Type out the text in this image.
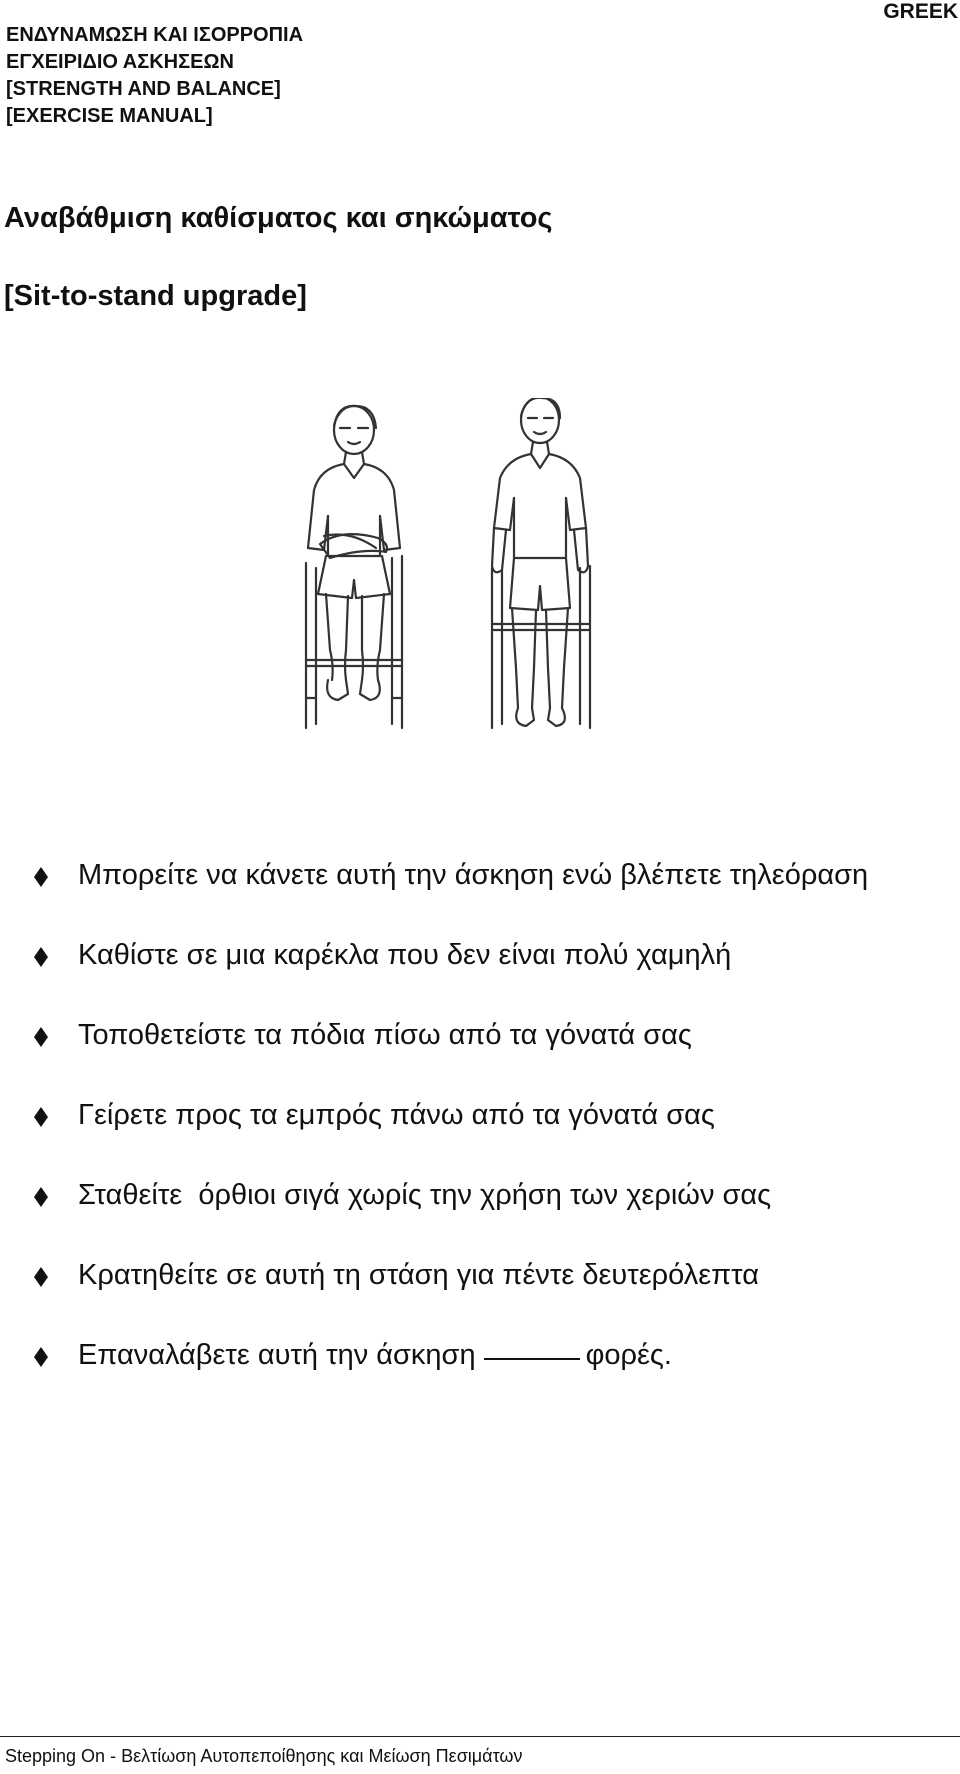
ΕΝΔΥΝΑΜΩΣΗ ΚΑΙ ΙΣΟΡΡΟΠΙΑ
ΕΓΧΕΙΡΙΔΙΟ ΑΣΚΗΣΕΩΝ
[STRENGTH AND BALANCE]
[EXERCISE MANUAL]
GREEK
Αναβάθμιση καθίσματος και σηκώματος
[Sit-to-stand upgrade]
Μπορείτε να κάνετε αυτή την άσκηση ενώ βλέπετε τηλεόραση
Καθίστε σε μια καρέκλα που δεν είναι πολύ χαμηλή
Τοποθετείστε τα πόδια πίσω από τα γόνατά σας
Γείρετε προς τα εμπρός πάνω από τα γόνατά σας
Σταθείτε  όρθιοι σιγά χωρίς την χρήση των χεριών σας
Κρατηθείτε σε αυτή τη στάση για πέντε δευτερόλεπτα
Επαναλάβετε αυτή την άσκηση	φορές.
Stepping On - Βελτίωση Αυτοπεποίθησης και Μείωση Πεσιμάτων
